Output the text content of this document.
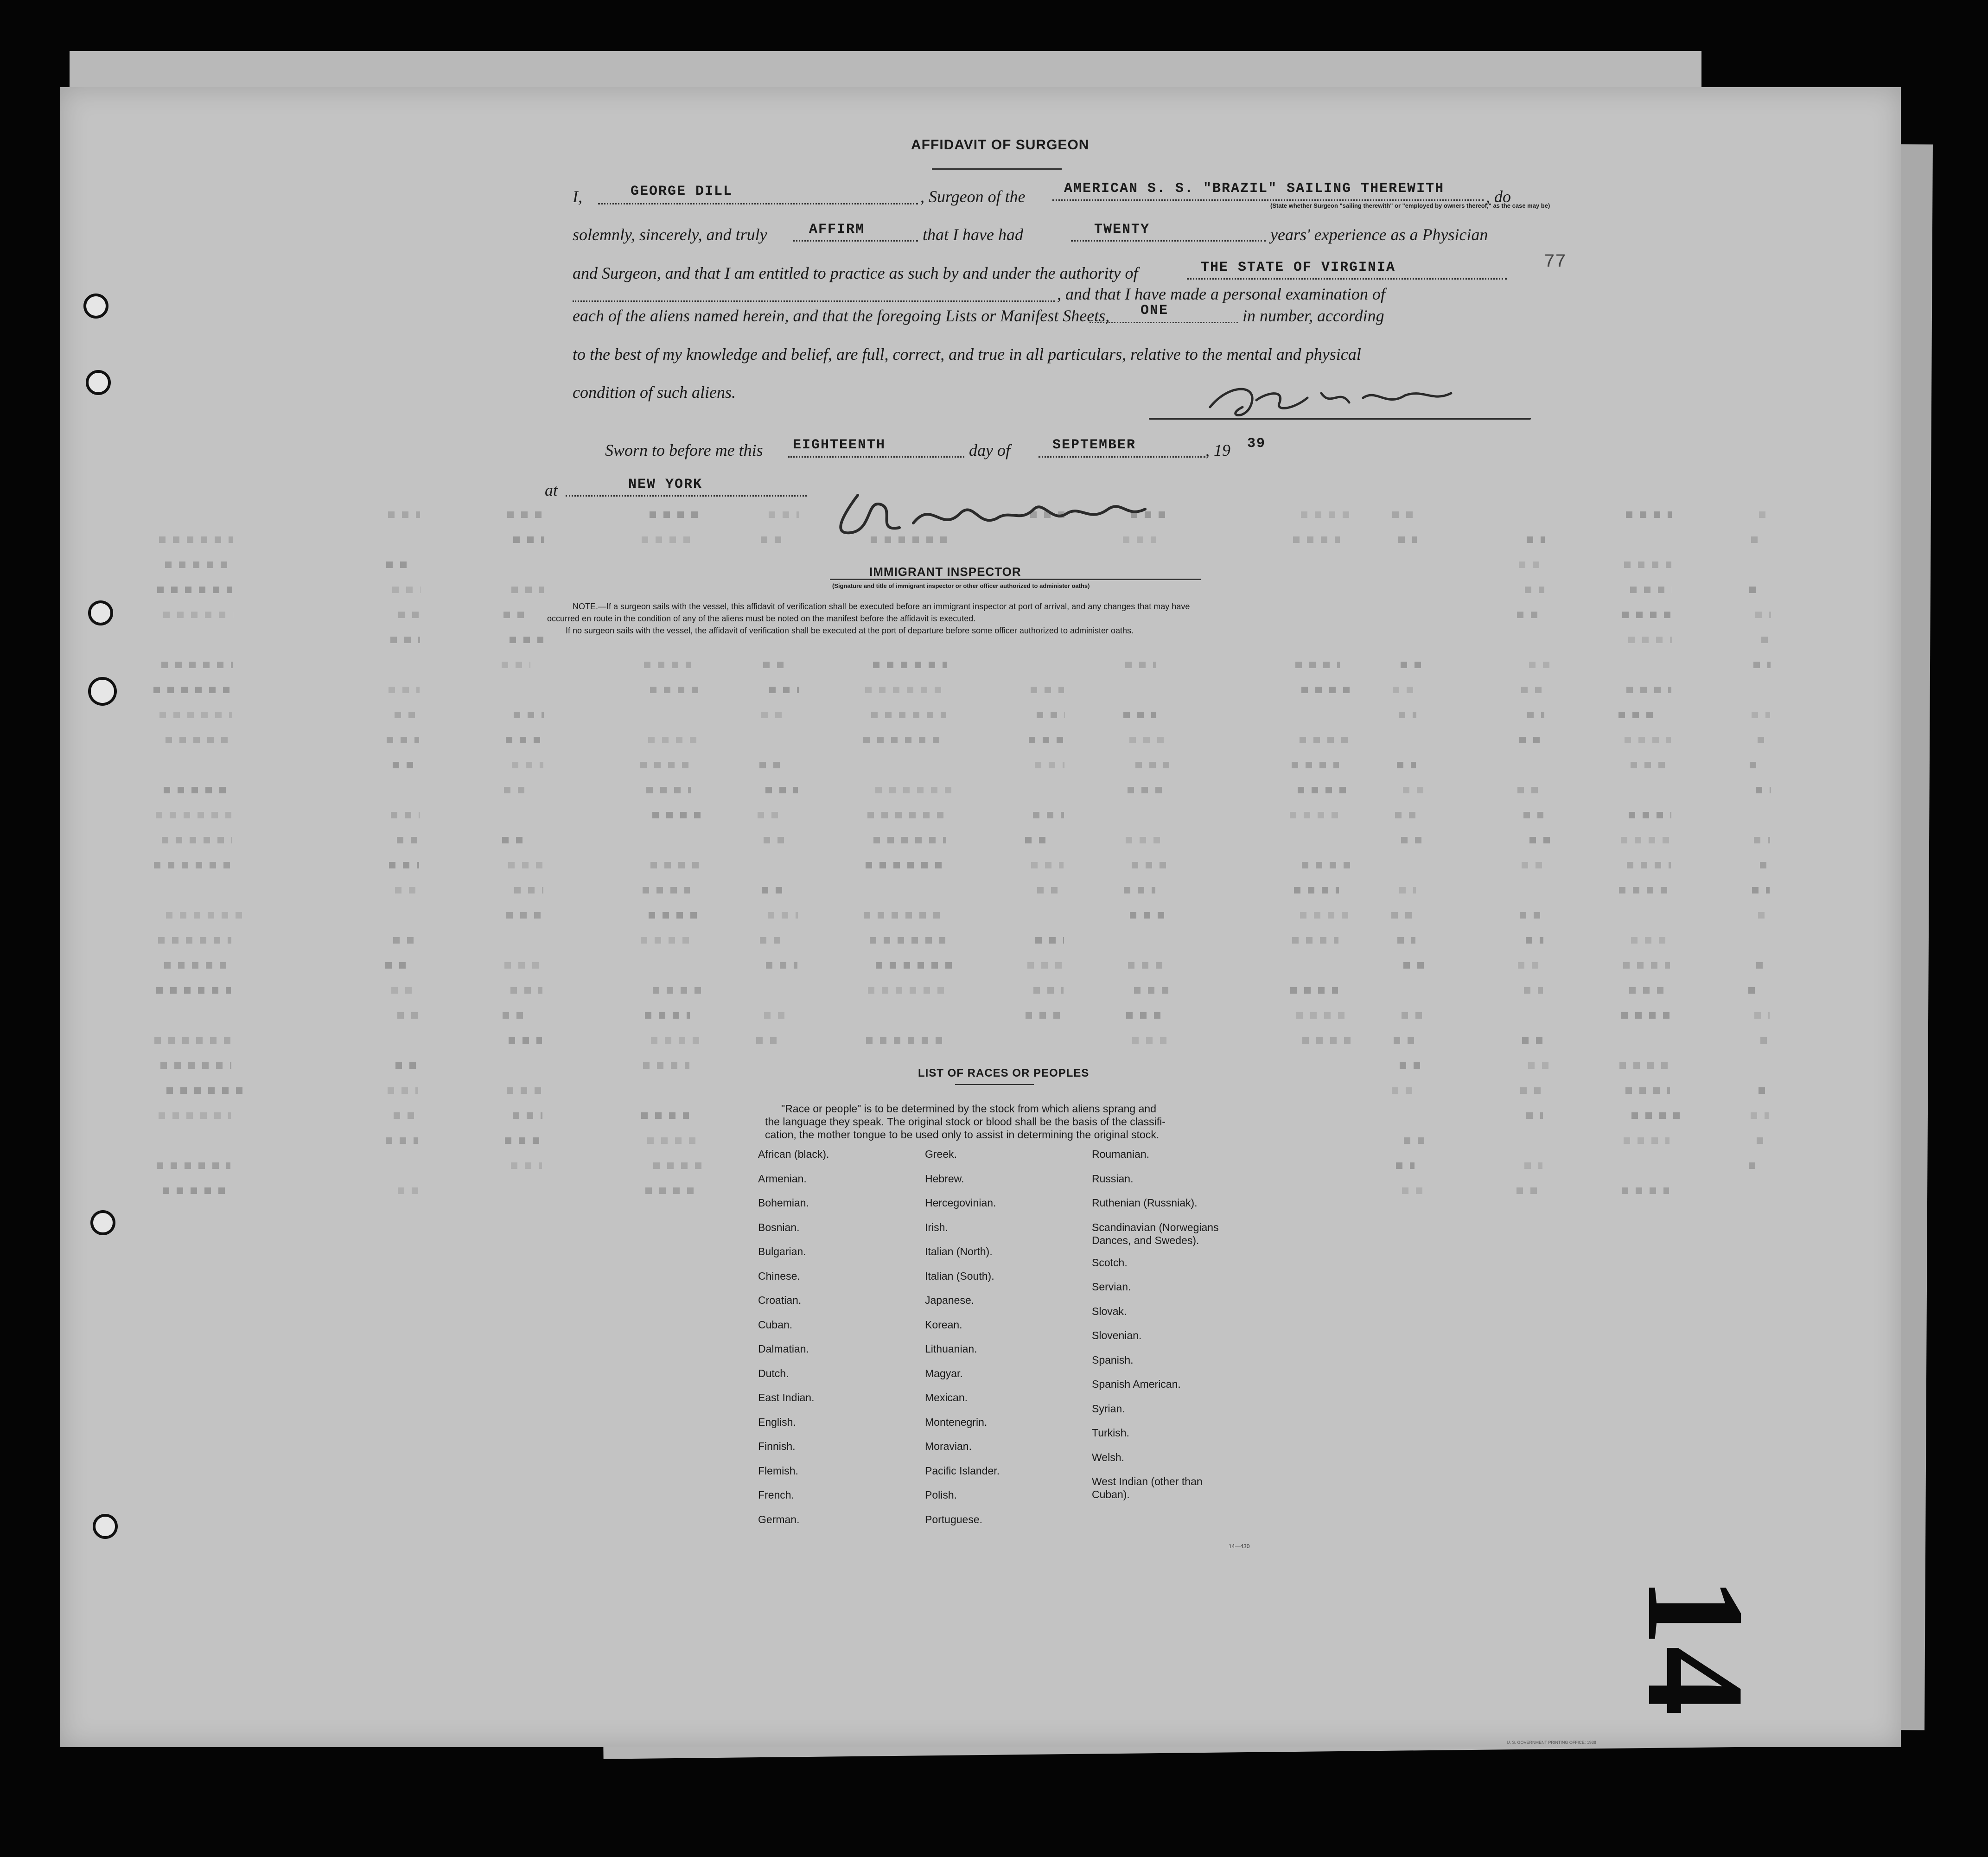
AFFIDAVIT OF SURGEON
I,	GEORGE DILL	, Surgeon of the	AMERICAN S. S. "BRAZIL" SAILING THEREWITH
(State whether Surgeon "sailing therewith" or "employed by owners thereof," as the case may be)
, do
solemnly, sincerely, and truly	AFFIRM	that I have had	TWENTY	years' experience as a Physician
and Surgeon, and that I am entitled to practice as such by and under the authority of	THE STATE OF VIRGINIA	77
, and that I have made a personal examination of
each of the aliens named herein, and that the foregoing Lists or Manifest Sheets, ONE	in number, according
to the best of my knowledge and belief, are full, correct, and true in all particulars, relative to the mental and physical
condition of such aliens.
Sworn to before me this EIGHTEENTH	day of	SEPTEMBER	, 19 39
at	NEW YORK
IMMIGRANT INSPECTOR
(Signature and title of immigrant inspector or other officer authorized to administer oaths)
NOTE.—If a surgeon sails with the vessel, this affidavit of verification shall be executed before an immigrant inspector at port of arrival, and any changes that may have
occurred en route in the condition of any of the aliens must be noted on the manifest before the affidavit is executed.
If no surgeon sails with the vessel, the affidavit of verification shall be executed at the port of departure before some officer authorized to administer oaths.
LIST OF RACES OR PEOPLES
"Race or people" is to be determined by the stock from which aliens sprang and
the language they speak. The original stock or blood shall be the basis of the classifi-
cation, the mother tongue to be used only to assist in determining the original stock.
African (black).
Armenian.
Bohemian.
Bosnian.
Bulgarian.
Chinese.
Croatian.
Cuban.
Dalmatian.
Dutch.
East Indian.
English.
Finnish.
Flemish.
French.
German.
Greek.
Hebrew.
Hercegovinian.
Irish.
Italian (North).
Italian (South).
Japanese.
Korean.
Lithuanian.
Magyar.
Mexican.
Montenegrin.
Moravian.
Pacific Islander.
Polish.
Portuguese.
Roumanian.
Russian.
Ruthenian (Russniak).
Scandinavian (Norwegians
Dances, and Swedes).
Scotch.
Servian.
Slovak.
Slovenian.
Spanish.
Spanish American.
Syrian.
Turkish.
Welsh.
West Indian (other than
Cuban).
14—430
U. S. GOVERNMENT PRINTING OFFICE: 1938
14
